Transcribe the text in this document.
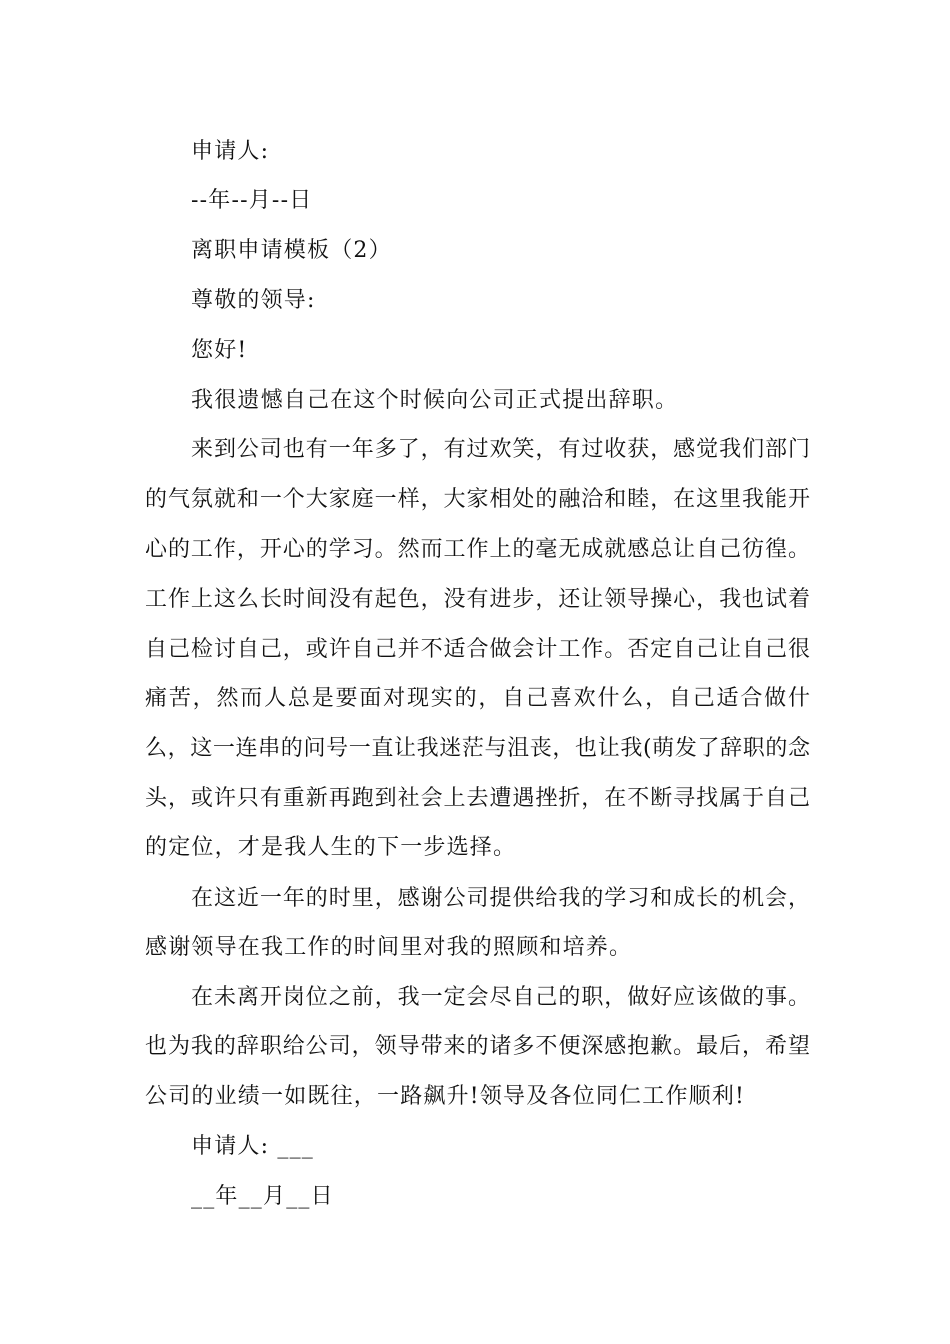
申请人:
--年--月--日
离职申请模板（2）
尊敬的领导:
您好!
我很遗憾自己在这个时候向公司正式提出辞职。
来到公司也有一年多了，有过欢笑，有过收获，感觉我们部门
的气氛就和一个大家庭一样，大家相处的融洽和睦，在这里我能开
心的工作，开心的学习。然而工作上的毫无成就感总让自己彷徨。
工作上这么长时间没有起色，没有进步，还让领导操心，我也试着
自己检讨自己，或许自己并不适合做会计工作。否定自己让自己很
痛苦，然而人总是要面对现实的，自己喜欢什么，自己适合做什
么，这一连串的问号一直让我迷茫与沮丧，也让我(萌发了辞职的念
头，或许只有重新再跑到社会上去遭遇挫折，在不断寻找属于自己
的定位，才是我人生的下一步选择。
在这近一年的时里，感谢公司提供给我的学习和成长的机会，
感谢领导在我工作的时间里对我的照顾和培养。
在未离开岗位之前，我一定会尽自己的职，做好应该做的事。
也为我的辞职给公司，领导带来的诸多不便深感抱歉。最后，希望
公司的业绩一如既往，一路飙升!领导及各位同仁工作顺利!
申请人: ___
__年__月__日
